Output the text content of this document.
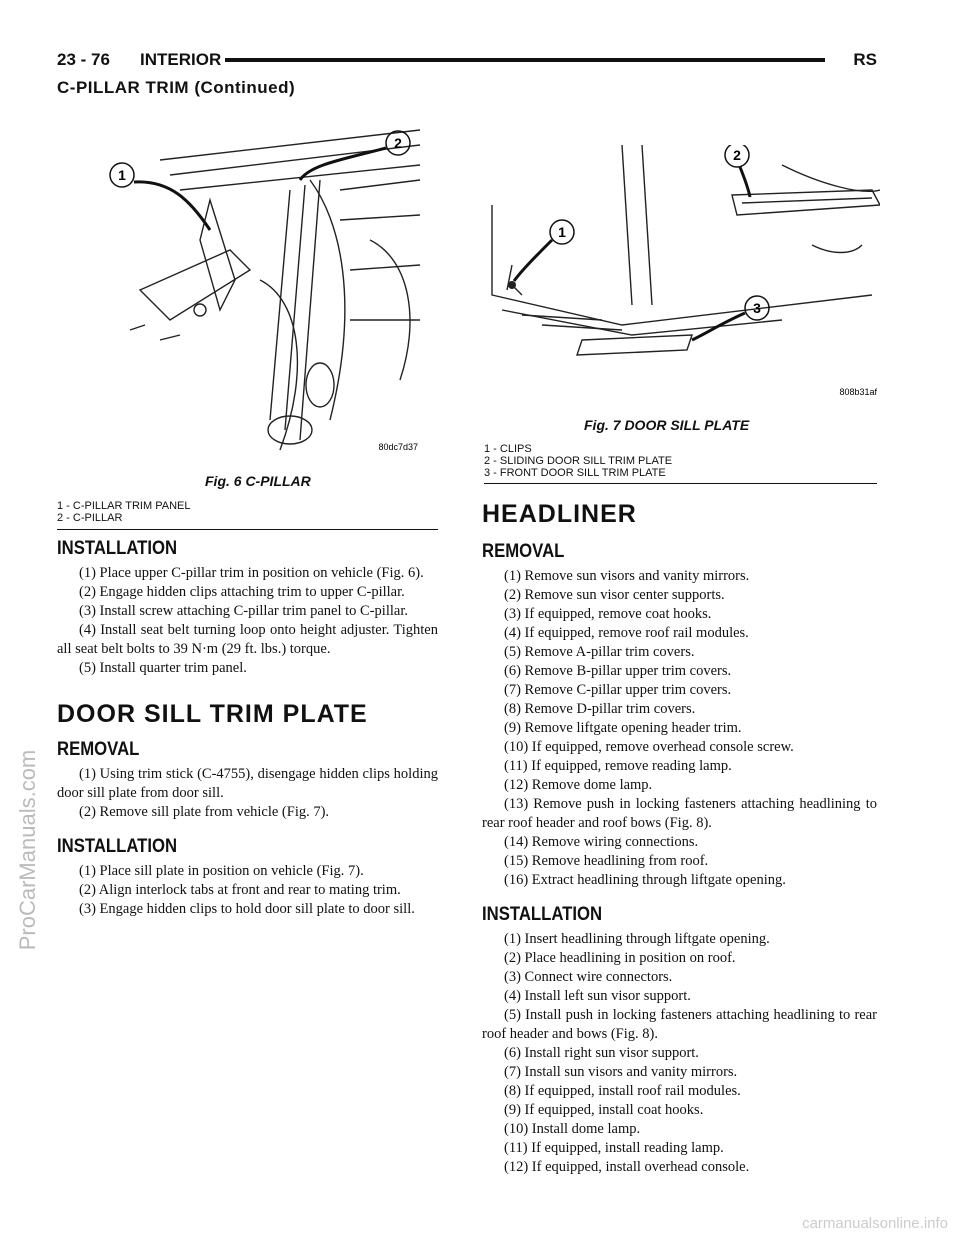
23 - 76 INTERIOR	RS
C-PILLAR TRIM (Continued)
ProCarManuals.com
1
2
80dc7d37
Fig. 6 C-PILLAR
1 - C-PILLAR TRIM PANEL
2 - C-PILLAR
1
2
3
808b31af
Fig. 7 DOOR SILL PLATE
1 - CLIPS
2 - SLIDING DOOR SILL TRIM PLATE
3 - FRONT DOOR SILL TRIM PLATE
INSTALLATION

(1) Place upper C-pillar trim in position on vehicle (Fig. 6).

(2) Engage hidden clips attaching trim to upper C-pillar.

(3) Install screw attaching C-pillar trim panel to C-pillar.

(4) Install seat belt turning loop onto height adjuster. Tighten all seat belt bolts to 39 N·m (29 ft. lbs.) torque.

(5) Install quarter trim panel.

DOOR SILL TRIM PLATE
REMOVAL

(1) Using trim stick (C-4755), disengage hidden clips holding door sill plate from door sill.

(2) Remove sill plate from vehicle (Fig. 7).

INSTALLATION

(1) Place sill plate in position on vehicle (Fig. 7).

(2) Align interlock tabs at front and rear to mating trim.

(3) Engage hidden clips to hold door sill plate to door sill.

HEADLINER
REMOVAL

(1) Remove sun visors and vanity mirrors.

(2) Remove sun visor center supports.

(3) If equipped, remove coat hooks.

(4) If equipped, remove roof rail modules.

(5) Remove A-pillar trim covers.

(6) Remove B-pillar upper trim covers.

(7) Remove C-pillar upper trim covers.

(8) Remove D-pillar trim covers.

(9) Remove liftgate opening header trim.

(10) If equipped, remove overhead console screw.

(11) If equipped, remove reading lamp.

(12) Remove dome lamp.

(13) Remove push in locking fasteners attaching headlining to rear roof header and roof bows (Fig. 8).

(14) Remove wiring connections.

(15) Remove headlining from roof.

(16) Extract headlining through liftgate opening.

INSTALLATION

(1) Insert headlining through liftgate opening.

(2) Place headlining in position on roof.

(3) Connect wire connectors.

(4) Install left sun visor support.

(5) Install push in locking fasteners attaching headlining to rear roof header and bows (Fig. 8).

(6) Install right sun visor support.

(7) Install sun visors and vanity mirrors.

(8) If equipped, install roof rail modules.

(9) If equipped, install coat hooks.

(10) Install dome lamp.

(11) If equipped, install reading lamp.

(12) If equipped, install overhead console.

carmanualsonline.info
